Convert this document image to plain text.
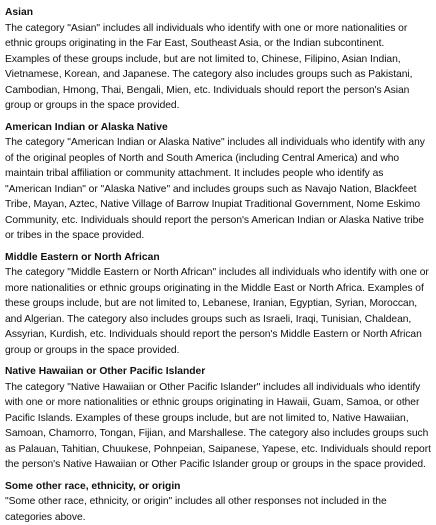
Asian

The category "Asian" includes all individuals who identify with one or more nationalities or ethnic groups originating in the Far East, Southeast Asia, or the Indian subcontinent. Examples of these groups include, but are not limited to, Chinese, Filipino, Asian Indian, Vietnamese, Korean, and Japanese. The category also includes groups such as Pakistani, Cambodian, Hmong, Thai, Bengali, Mien, etc. Individuals should report the person's Asian group or groups in the space provided.

American Indian or Alaska Native

The category "American Indian or Alaska Native" includes all individuals who identify with any of the original peoples of North and South America (including Central America) and who maintain tribal affiliation or community attachment. It includes people who identify as "American Indian" or "Alaska Native" and includes groups such as Navajo Nation, Blackfeet Tribe, Mayan, Aztec, Native Village of Barrow Inupiat Traditional Government, Nome Eskimo Community, etc. Individuals should report the person's American Indian or Alaska Native tribe or tribes in the space provided.

Middle Eastern or North African

The category "Middle Eastern or North African" includes all individuals who identify with one or more nationalities or ethnic groups originating in the Middle East or North Africa. Examples of these groups include, but are not limited to, Lebanese, Iranian, Egyptian, Syrian, Moroccan, and Algerian. The category also includes groups such as Israeli, Iraqi, Tunisian, Chaldean, Assyrian, Kurdish, etc. Individuals should report the person's Middle Eastern or North African group or groups in the space provided.

Native Hawaiian or Other Pacific Islander

The category "Native Hawaiian or Other Pacific Islander" includes all individuals who identify with one or more nationalities or ethnic groups originating in Hawaii, Guam, Samoa, or other Pacific Islands. Examples of these groups include, but are not limited to, Native Hawaiian, Samoan, Chamorro, Tongan, Fijian, and Marshallese. The category also includes groups such as Palauan, Tahitian, Chuukese, Pohnpeian, Saipanese, Yapese, etc. Individuals should report the person's Native Hawaiian or Other Pacific Islander group or groups in the space provided.

Some other race, ethnicity, or origin

"Some other race, ethnicity, or origin" includes all other responses not included in the categories above.
